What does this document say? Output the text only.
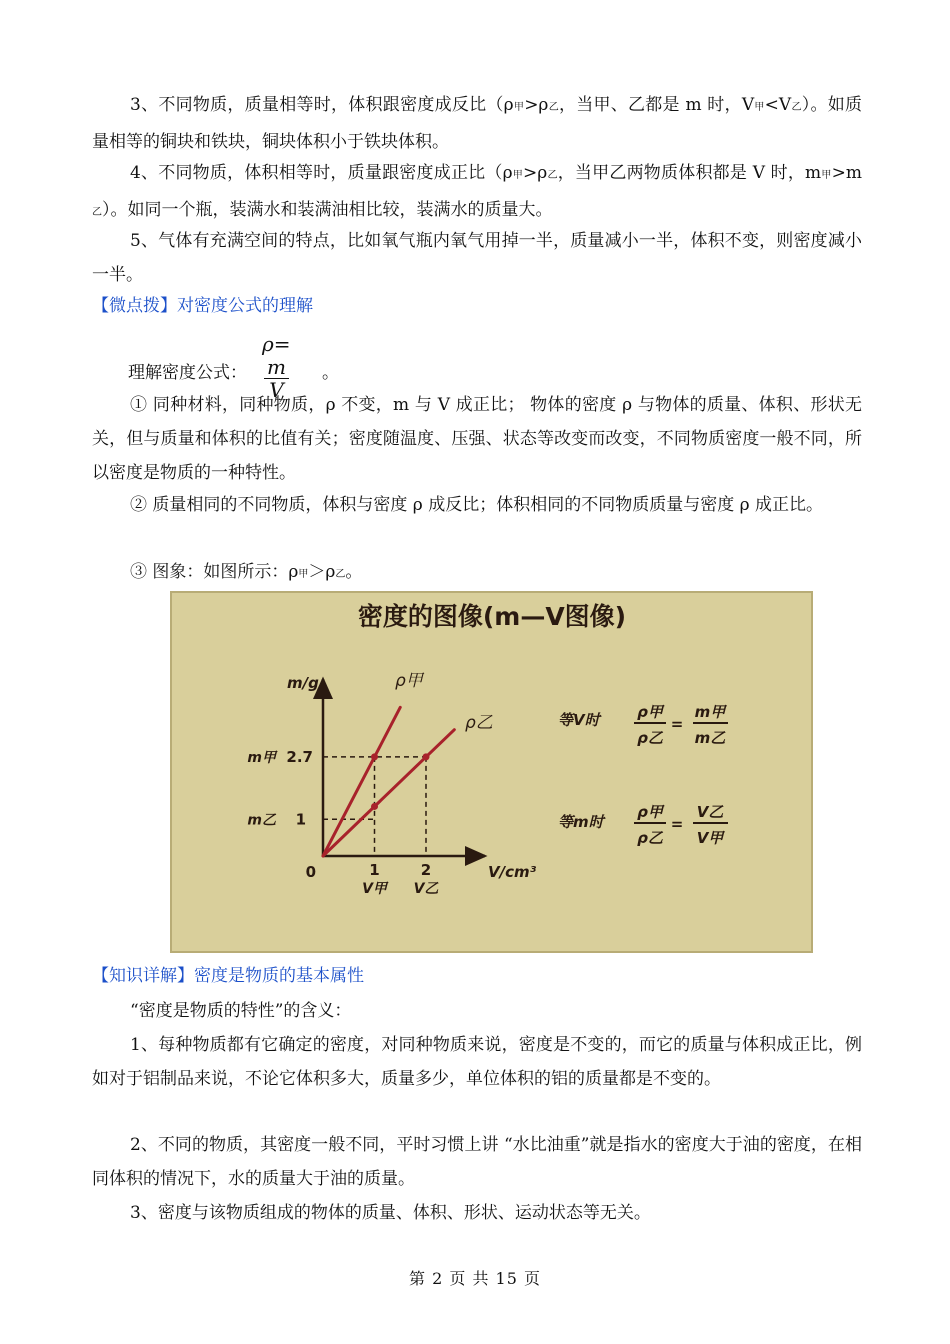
3、不同物质，质量相等时，体积跟密度成反比（ρ甲>ρ乙，当甲、乙都是 m 时，V甲<V乙）。如质量相等的铜块和铁块，铜块体积小于铁块体积。
4、不同物质，体积相等时，质量跟密度成正比（ρ甲>ρ乙，当甲乙两物质体积都是 V 时，m甲>m乙）。如同一个瓶，装满水和装满油相比较，装满水的质量大。
5、气体有充满空间的特点，比如氧气瓶内氧气用掉一半，质量减小一半，体积不变，则密度减小一半。
【微点拨】对密度公式的理解
理解密度公式：
ρ=
$\frac{m}{V}$ 。
① 同种材料，同种物质，ρ 不变，m 与 V 成正比； 物体的密度 ρ 与物体的质量、体积、形状无关，但与质量和体积的比值有关；密度随温度、压强、状态等改变而改变，不同物质密度一般不同，所以密度是物质的一种特性。
② 质量相同的不同物质，体积与密度 ρ 成反比；体积相同的不同物质质量与密度 ρ 成正比。
③ 图象：如图所示：ρ甲＞ρ乙。
密度的图像(m—V图像)
m/g
V/cm³
0
ρ甲
ρ乙
2.7
m甲
1
m乙
1
V甲
2
V乙
等V时	ρ甲
ρ乙
=
m甲
m乙
等m时
ρ甲
ρ乙
=
V乙
V甲
【知识详解】密度是物质的基本属性
“密度是物质的特性”的含义：
1、每种物质都有它确定的密度，对同种物质来说，密度是不变的，而它的质量与体积成正比，例如对于铝制品来说，不论它体积多大，质量多少，单位体积的铝的质量都是不变的。
2、不同的物质，其密度一般不同，平时习惯上讲 “水比油重”就是指水的密度大于油的密度，在相同体积的情况下，水的质量大于油的质量。
3、密度与该物质组成的物体的质量、体积、形状、运动状态等无关。
第 2 页 共 15 页
